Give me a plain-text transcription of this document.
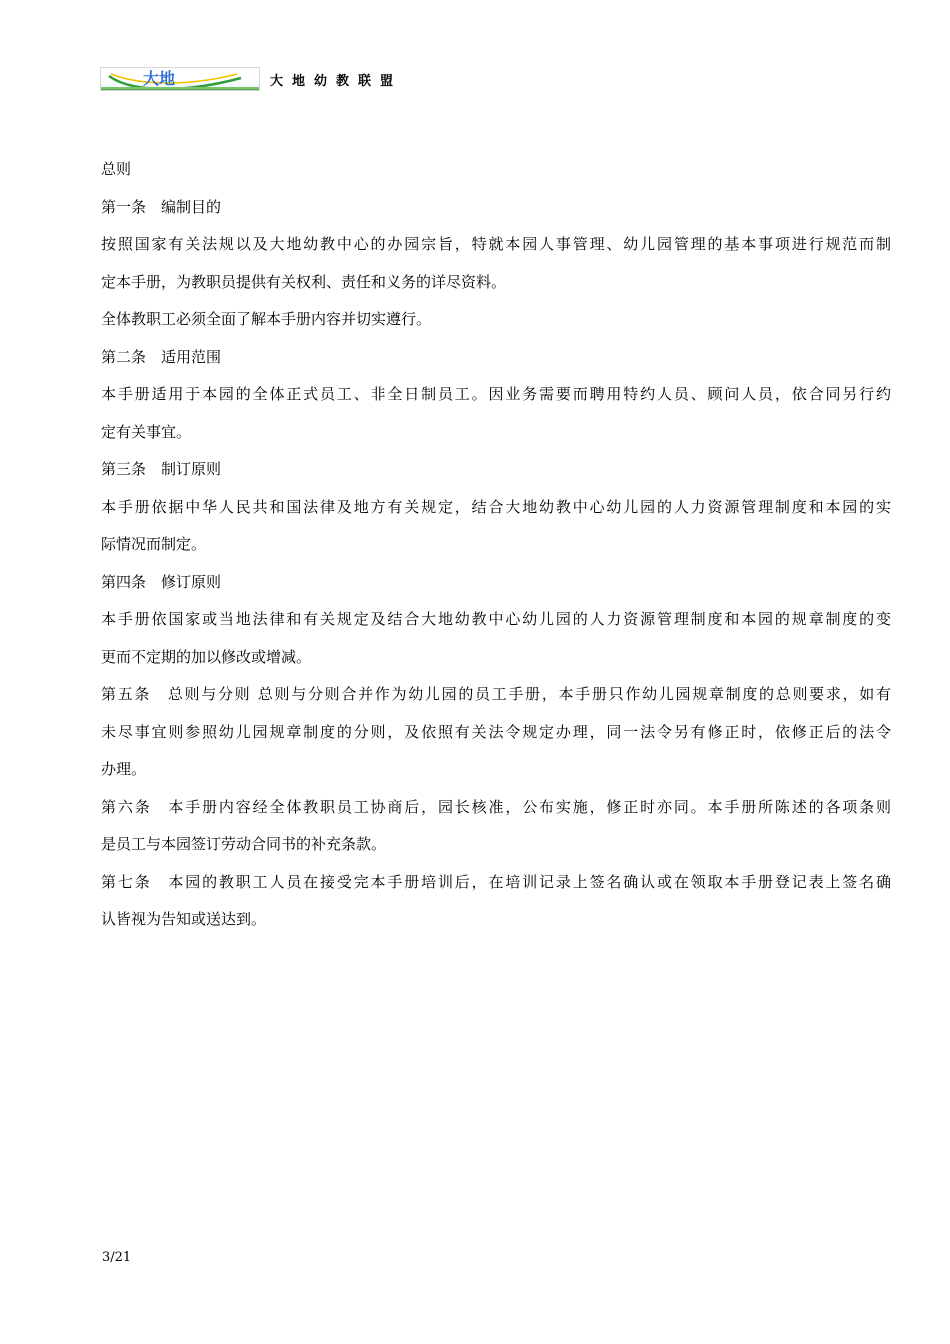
大地	大地幼教联盟
总则
第一条　编制目的
按照国家有关法规以及大地幼教中心的办园宗旨，特就本园人事管理、幼儿园管理的基本事项进行规范而制
定本手册，为教职员提供有关权利、责任和义务的详尽资料。
全体教职工必须全面了解本手册内容并切实遵行。
第二条　适用范围
本手册适用于本园的全体正式员工、非全日制员工。因业务需要而聘用特约人员、顾问人员，依合同另行约
定有关事宜。
第三条　制订原则
本手册依据中华人民共和国法律及地方有关规定，结合大地幼教中心幼儿园的人力资源管理制度和本园的实
际情况而制定。
第四条　修订原则
本手册依国家或当地法律和有关规定及结合大地幼教中心幼儿园的人力资源管理制度和本园的规章制度的变
更而不定期的加以修改或增减。
第五条　总则与分则 总则与分则合并作为幼儿园的员工手册，本手册只作幼儿园规章制度的总则要求，如有
未尽事宜则参照幼儿园规章制度的分则，及依照有关法令规定办理，同一法令另有修正时，依修正后的法令
办理。
第六条　本手册内容经全体教职员工协商后，园长核准，公布实施，修正时亦同。本手册所陈述的各项条则
是员工与本园签订劳动合同书的补充条款。
第七条　本园的教职工人员在接受完本手册培训后，在培训记录上签名确认或在领取本手册登记表上签名确
认皆视为告知或送达到。
3/21
